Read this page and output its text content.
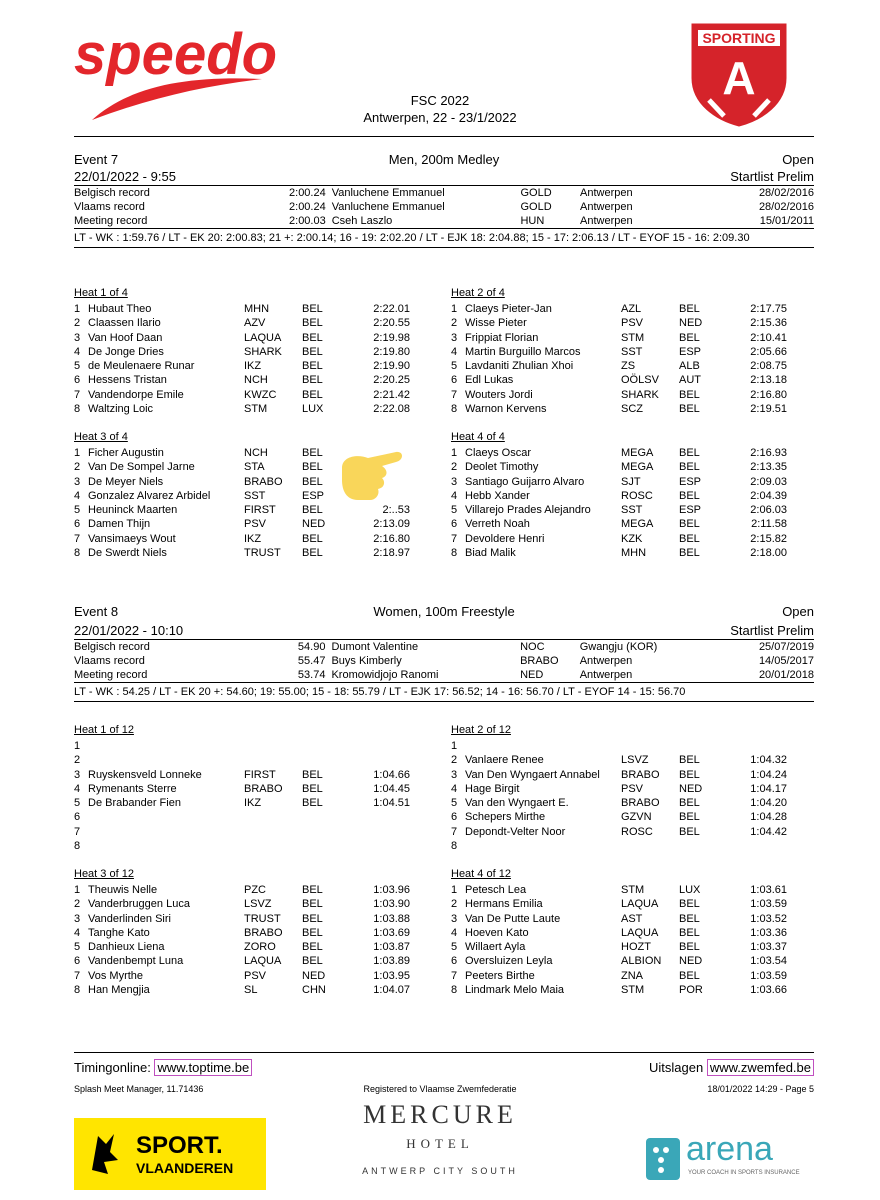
speedo	SPORTING
A
FSC 2022
Antwerpen, 22 - 23/1/2022
Event 7	Men, 200m Medley	Open
22/01/2022 - 9:55	Startlist Prelim
Belgisch record	2:00.24	Vanluchene Emmanuel	GOLD	Antwerpen	28/02/2016
Vlaams record	2:00.24	Vanluchene Emmanuel	GOLD	Antwerpen	28/02/2016
Meeting record	2:00.03	Cseh Laszlo	HUN	Antwerpen	15/01/2011
LT - WK : 1:59.76 / LT - EK 20: 2:00.83; 21 +: 2:00.14; 16 - 19: 2:02.20 / LT - EJK 18: 2:04.88; 15 - 17: 2:06.13 / LT - EYOF 15 - 16: 2:09.30
Event 8	Women, 100m Freestyle	Open
22/01/2022 - 10:10	Startlist Prelim
Belgisch record	54.90	Dumont Valentine	NOC	Gwangju (KOR)	25/07/2019
Vlaams record	55.47	Buys Kimberly	BRABO	Antwerpen	14/05/2017
Meeting record	53.74	Kromowidjojo Ranomi	NED	Antwerpen	20/01/2018
LT - WK : 54.25 / LT - EK 20 +: 54.60; 19: 55.00; 15 - 18: 55.79 / LT - EJK 17: 56.52; 14 - 16: 56.70 / LT - EYOF 14 - 15: 56.70
Heat 1 of 4
1	Hubaut Theo	MHN	BEL	2:22.01
2	Claassen Ilario	AZV	BEL	2:20.55
3	Van Hoof Daan	LAQUA	BEL	2:19.98
4	De Jonge Dries	SHARK	BEL	2:19.80
5	de Meulenaere Runar	IKZ	BEL	2:19.90
6	Hessens Tristan	NCH	BEL	2:20.25
7	Vandendorpe Emile	KWZC	BEL	2:21.42
8	Waltzing Loic	STM	LUX	2:22.08
Heat 2 of 4
1	Claeys Pieter-Jan	AZL	BEL	2:17.75
2	Wisse Pieter	PSV	NED	2:15.36
3	Frippiat Florian	STM	BEL	2:10.41
4	Martin Burguillo Marcos	SST	ESP	2:05.66
5	Lavdaniti Zhulian Xhoi	ZS	ALB	2:08.75
6	Edl Lukas	OÖLSV	AUT	2:13.18
7	Wouters Jordi	SHARK	BEL	2:16.80
8	Warnon Kervens	SCZ	BEL	2:19.51
Heat 3 of 4
1	Ficher Augustin	NCH	BEL	
2	Van De Sompel Jarne	STA	BEL	
3	De Meyer Niels	BRABO	BEL	
4	Gonzalez Alvarez Arbidel	SST	ESP	
5	Heuninck Maarten	FIRST	BEL	2:..53
6	Damen Thijn	PSV	NED	2:13.09
7	Vansimaeys Wout	IKZ	BEL	2:16.80
8	De Swerdt Niels	TRUST	BEL	2:18.97
Heat 4 of 4
1	Claeys Oscar	MEGA	BEL	2:16.93
2	Deolet Timothy	MEGA	BEL	2:13.35
3	Santiago Guijarro Alvaro	SJT	ESP	2:09.03
4	Hebb Xander	ROSC	BEL	2:04.39
5	Villarejo Prades Alejandro	SST	ESP	2:06.03
6	Verreth Noah	MEGA	BEL	2:11.58
7	Devoldere Henri	KZK	BEL	2:15.82
8	Biad Malik	MHN	BEL	2:18.00
Heat 1 of 12
1				
2				
3	Ruyskensveld Lonneke	FIRST	BEL	1:04.66
4	Rymenants Sterre	BRABO	BEL	1:04.45
5	De Brabander Fien	IKZ	BEL	1:04.51
6				
7				
8				
Heat 2 of 12
1				
2	Vanlaere Renee	LSVZ	BEL	1:04.32
3	Van Den Wyngaert Annabel	BRABO	BEL	1:04.24
4	Hage Birgit	PSV	NED	1:04.17
5	Van den Wyngaert E.	BRABO	BEL	1:04.20
6	Schepers Mirthe	GZVN	BEL	1:04.28
7	Depondt-Velter Noor	ROSC	BEL	1:04.42
8				
Heat 3 of 12
1	Theuwis Nelle	PZC	BEL	1:03.96
2	Vanderbruggen Luca	LSVZ	BEL	1:03.90
3	Vanderlinden Siri	TRUST	BEL	1:03.88
4	Tanghe Kato	BRABO	BEL	1:03.69
5	Danhieux Liena	ZORO	BEL	1:03.87
6	Vandenbempt Luna	LAQUA	BEL	1:03.89
7	Vos Myrthe	PSV	NED	1:03.95
8	Han Mengjia	SL	CHN	1:04.07
Heat 4 of 12
1	Petesch Lea	STM	LUX	1:03.61
2	Hermans Emilia	LAQUA	BEL	1:03.59
3	Van De Putte Laute	AST	BEL	1:03.52
4	Hoeven Kato	LAQUA	BEL	1:03.36
5	Willaert Ayla	HOZT	BEL	1:03.37
6	Oversluizen Leyla	ALBION	NED	1:03.54
7	Peeters Birthe	ZNA	BEL	1:03.59
8	Lindmark Melo Maia	STM	POR	1:03.66
Timingonline: www.toptime.be	Uitslagen www.zwemfed.be
Splash Meet Manager, 11.71436	Registered to Vlaamse Zwemfederatie	18/01/2022 14:29 - Page 5
MERCURE
HOTEL
ANTWERP CITY SOUTH
SPORT.
VLAANDEREN	arena
YOUR COACH IN SPORTS INSURANCE
